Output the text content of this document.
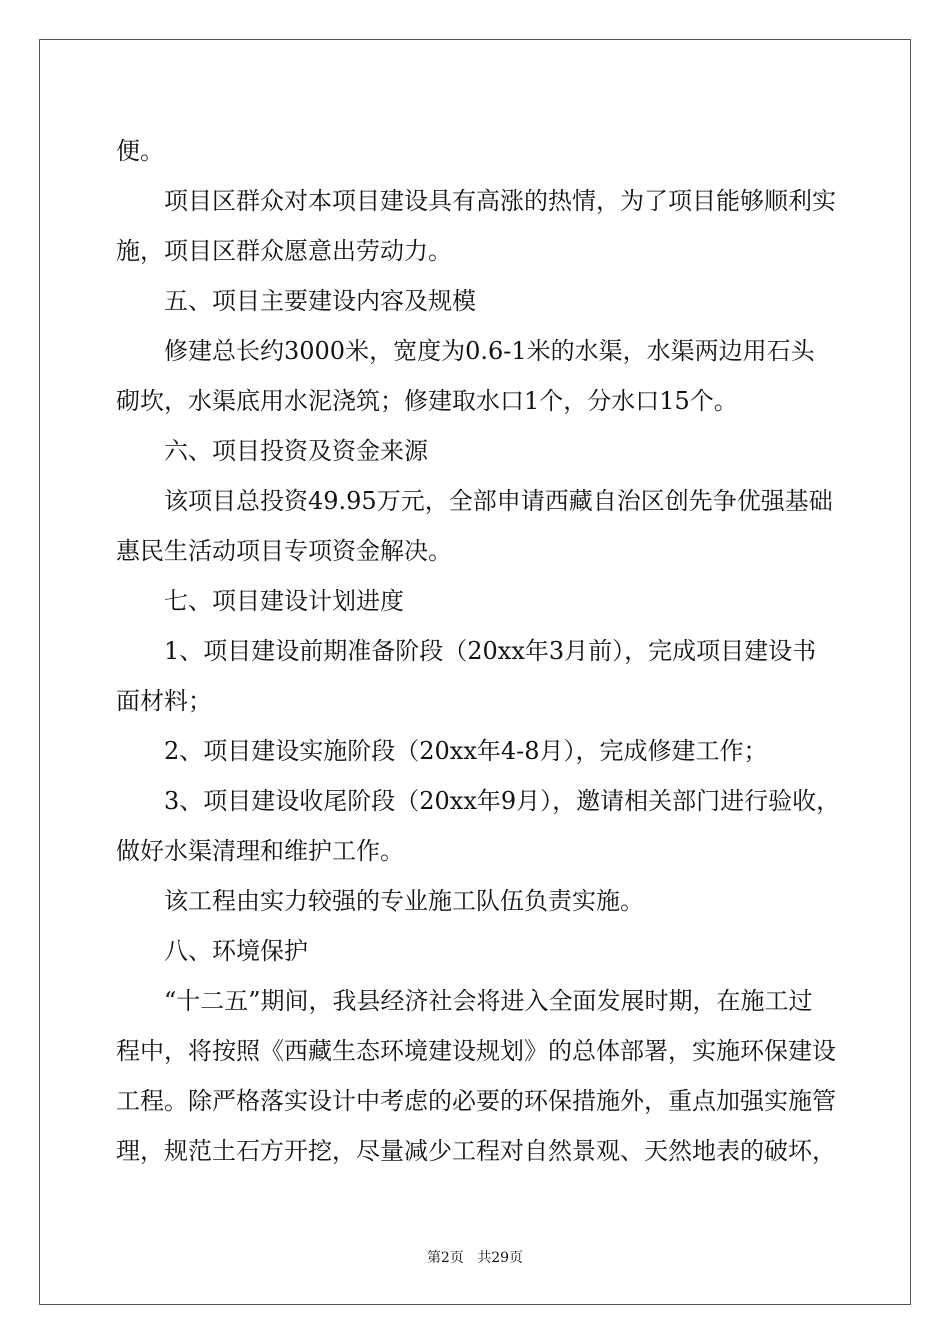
便。
项目区群众对本项目建设具有高涨的热情，为了项目能够顺利实
施，项目区群众愿意出劳动力。
五、项目主要建设内容及规模
修建总长约3000米，宽度为0.6-1米的水渠，水渠两边用石头
砌坎，水渠底用水泥浇筑；修建取水口1个，分水口15个。
六、项目投资及资金来源
该项目总投资49.95万元，全部申请西藏自治区创先争优强基础
惠民生活动项目专项资金解决。
七、项目建设计划进度
1、项目建设前期准备阶段（20xx年3月前），完成项目建设书
面材料；
2、项目建设实施阶段（20xx年4-8月），完成修建工作；
3、项目建设收尾阶段（20xx年9月），邀请相关部门进行验收，
做好水渠清理和维护工作。
该工程由实力较强的专业施工队伍负责实施。
八、环境保护
“十二五”期间，我县经济社会将进入全面发展时期，在施工过
程中，将按照《西藏生态环境建设规划》的总体部署，实施环保建设
工程。除严格落实设计中考虑的必要的环保措施外，重点加强实施管
理，规范土石方开挖，尽量减少工程对自然景观、天然地表的破坏，
第2页 共29页
